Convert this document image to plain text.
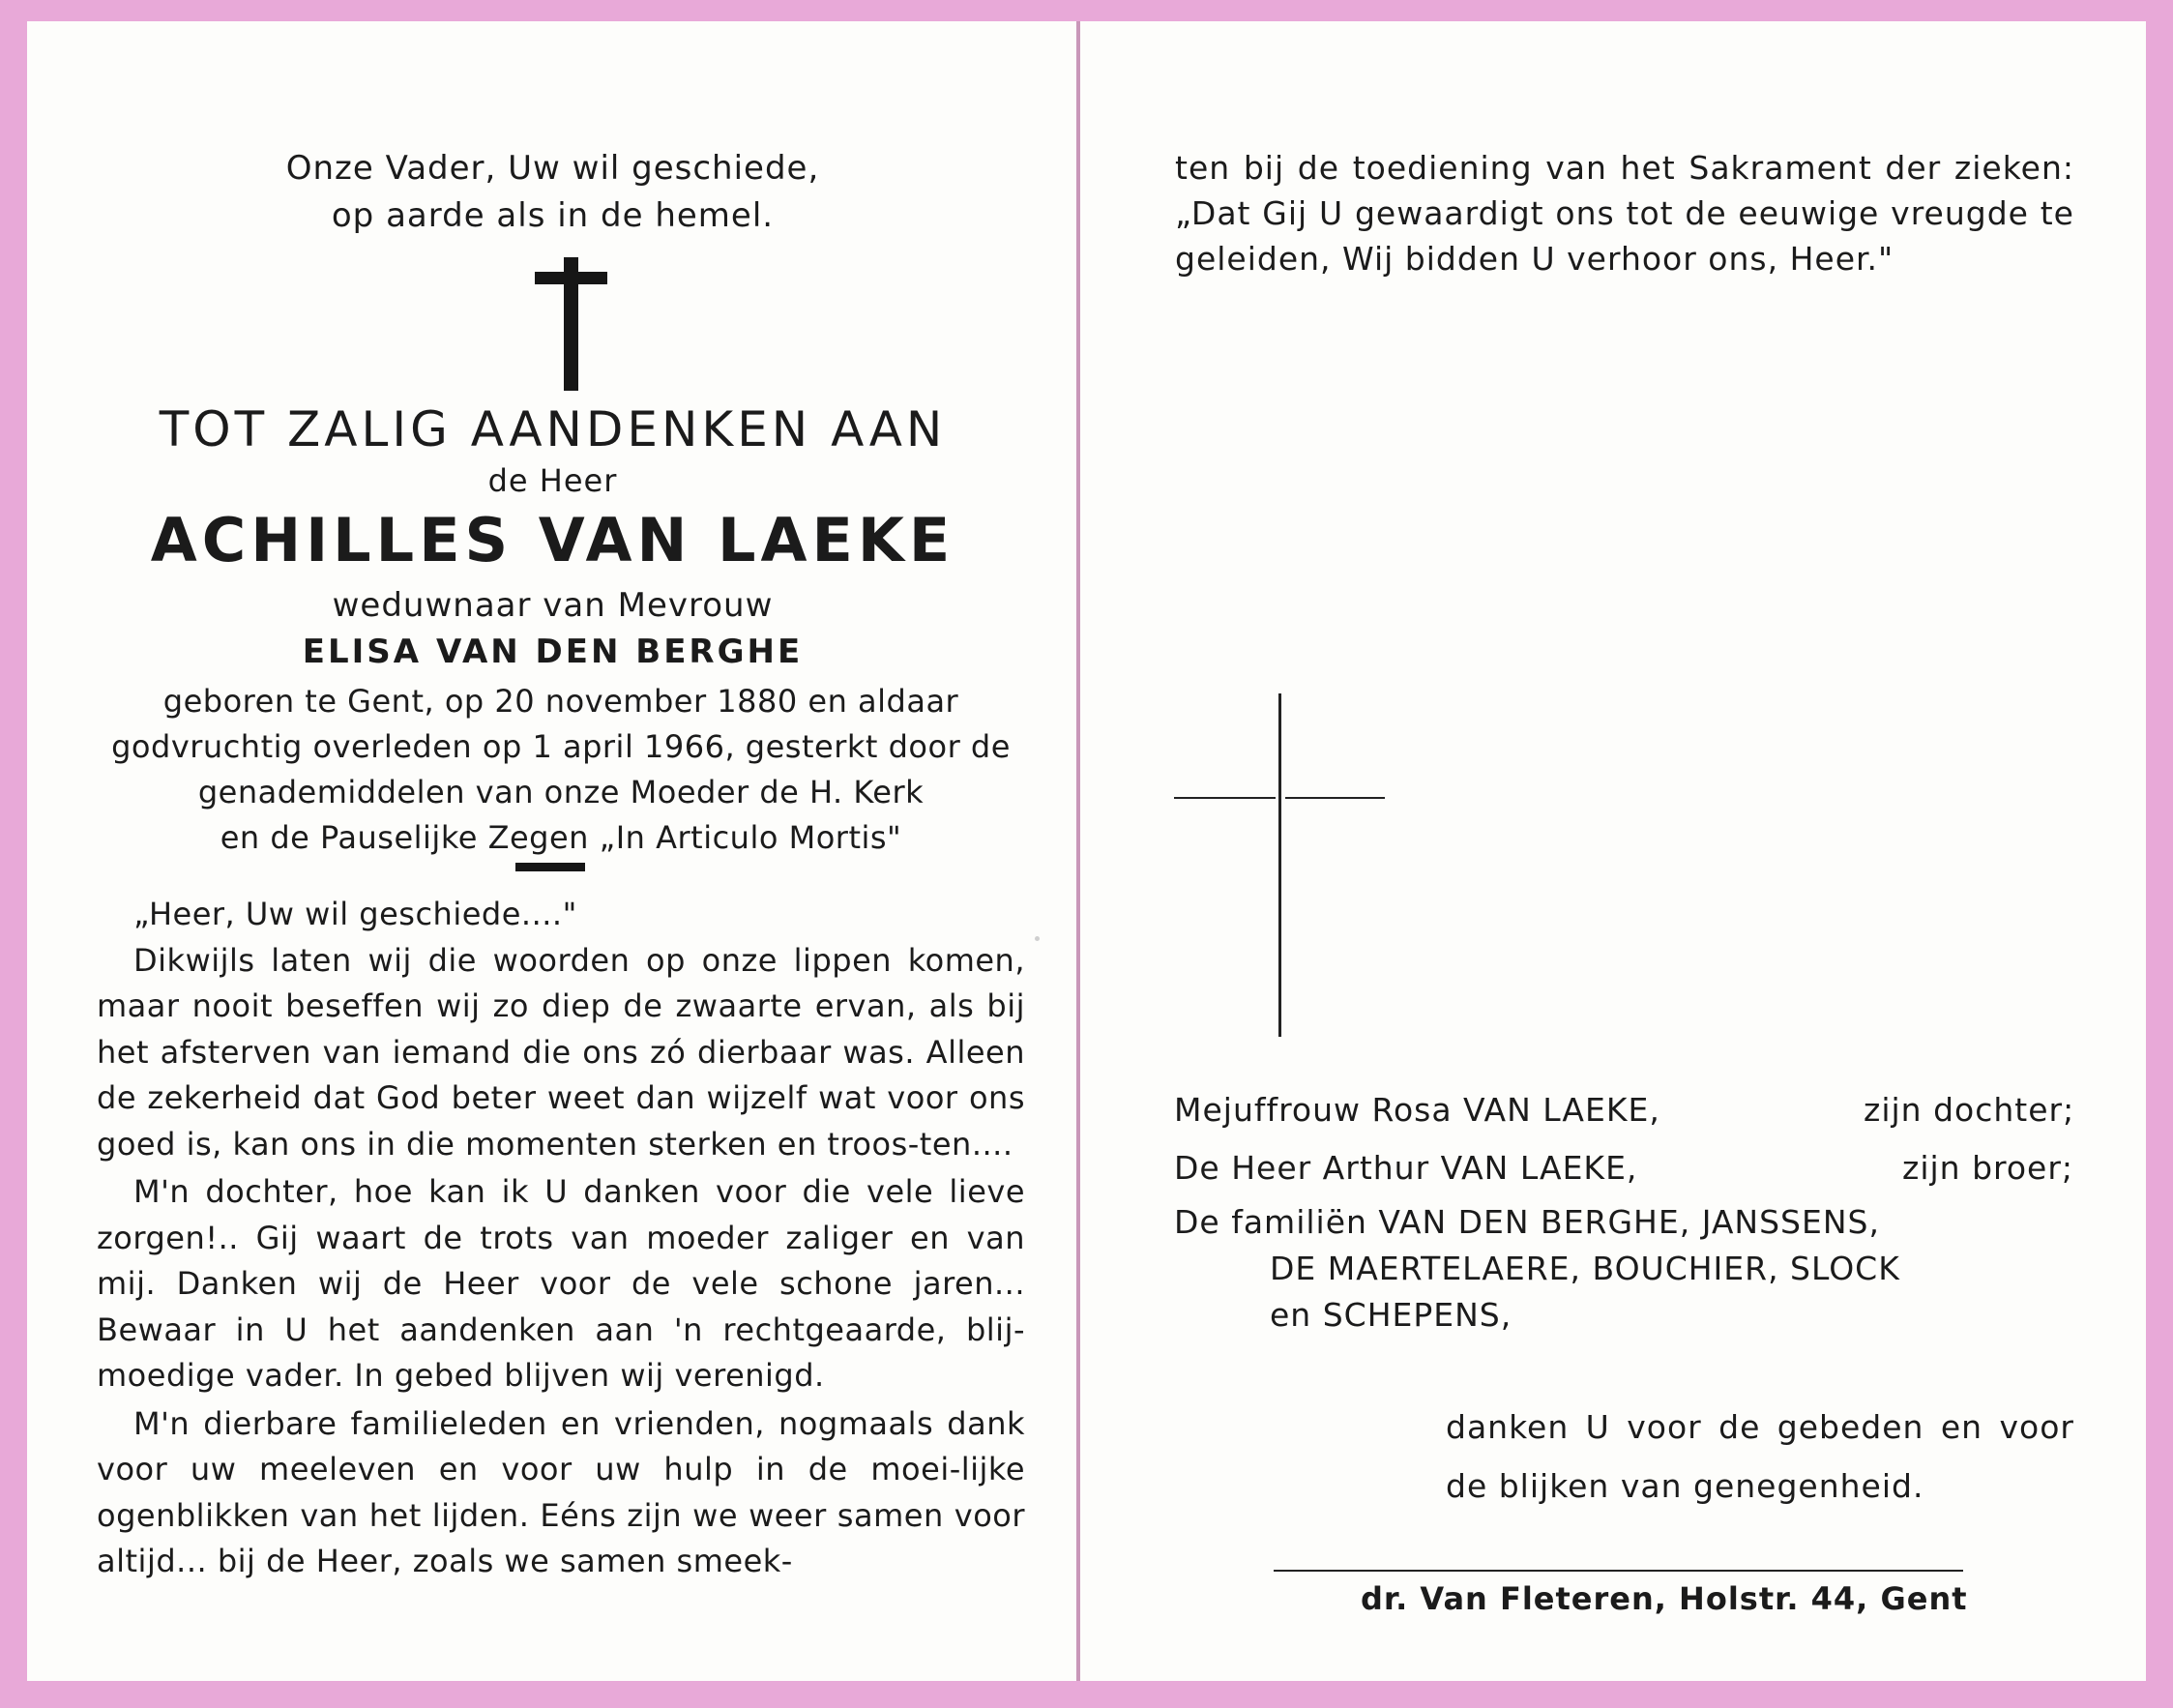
Onze Vader, Uw wil geschiede,
op aarde als in de hemel.
TOT ZALIG AANDENKEN AAN
de Heer
ACHILLES VAN LAEKE
weduwnaar van Mevrouw
ELISA VAN DEN BERGHE
geboren te Gent, op 20 november 1880 en aldaar
godvruchtig overleden op 1 april 1966, gesterkt door de
genademiddelen van onze Moeder de H. Kerk
en de Pauselijke Zegen „In Articulo Mortis"

„Heer, Uw wil geschiede...."

Dikwijls laten wij die woorden op onze lippen komen, maar nooit beseffen wij zo diep de zwaarte ervan, als bij het afsterven van iemand die ons zó dierbaar was. Alleen de zekerheid dat God beter weet dan wijzelf wat voor ons goed is, kan ons in die momenten sterken en troos-ten....

M'n dochter, hoe kan ik U danken voor die vele lieve zorgen!.. Gij waart de trots van moeder zaliger en van mij. Danken wij de Heer voor de vele schone jaren... Bewaar in U het aandenken aan 'n rechtgeaarde, blij-moedige vader. In gebed blijven wij verenigd.

M'n dierbare familieleden en vrienden, nogmaals dank voor uw meeleven en voor uw hulp in de moei-lijke ogenblikken van het lijden. Eéns zijn we weer samen voor altijd... bij de Heer, zoals we samen smeek-

ten bij de toediening van het Sakrament der zieken: „Dat Gij U gewaardigt ons tot de eeuwige vreugde te geleiden, Wij bidden U verhoor ons, Heer."

Mejuffrouw Rosa VAN LAEKE,	zijn dochter;
De Heer Arthur VAN LAEKE,	zijn broer;
De familiën VAN DEN BERGHE, JANSSENS,
DE MAERTELAERE, BOUCHIER, SLOCK
en SCHEPENS,
danken U voor de gebeden en voor de blijken van genegenheid.
dr. Van Fleteren, Holstr. 44, Gent
